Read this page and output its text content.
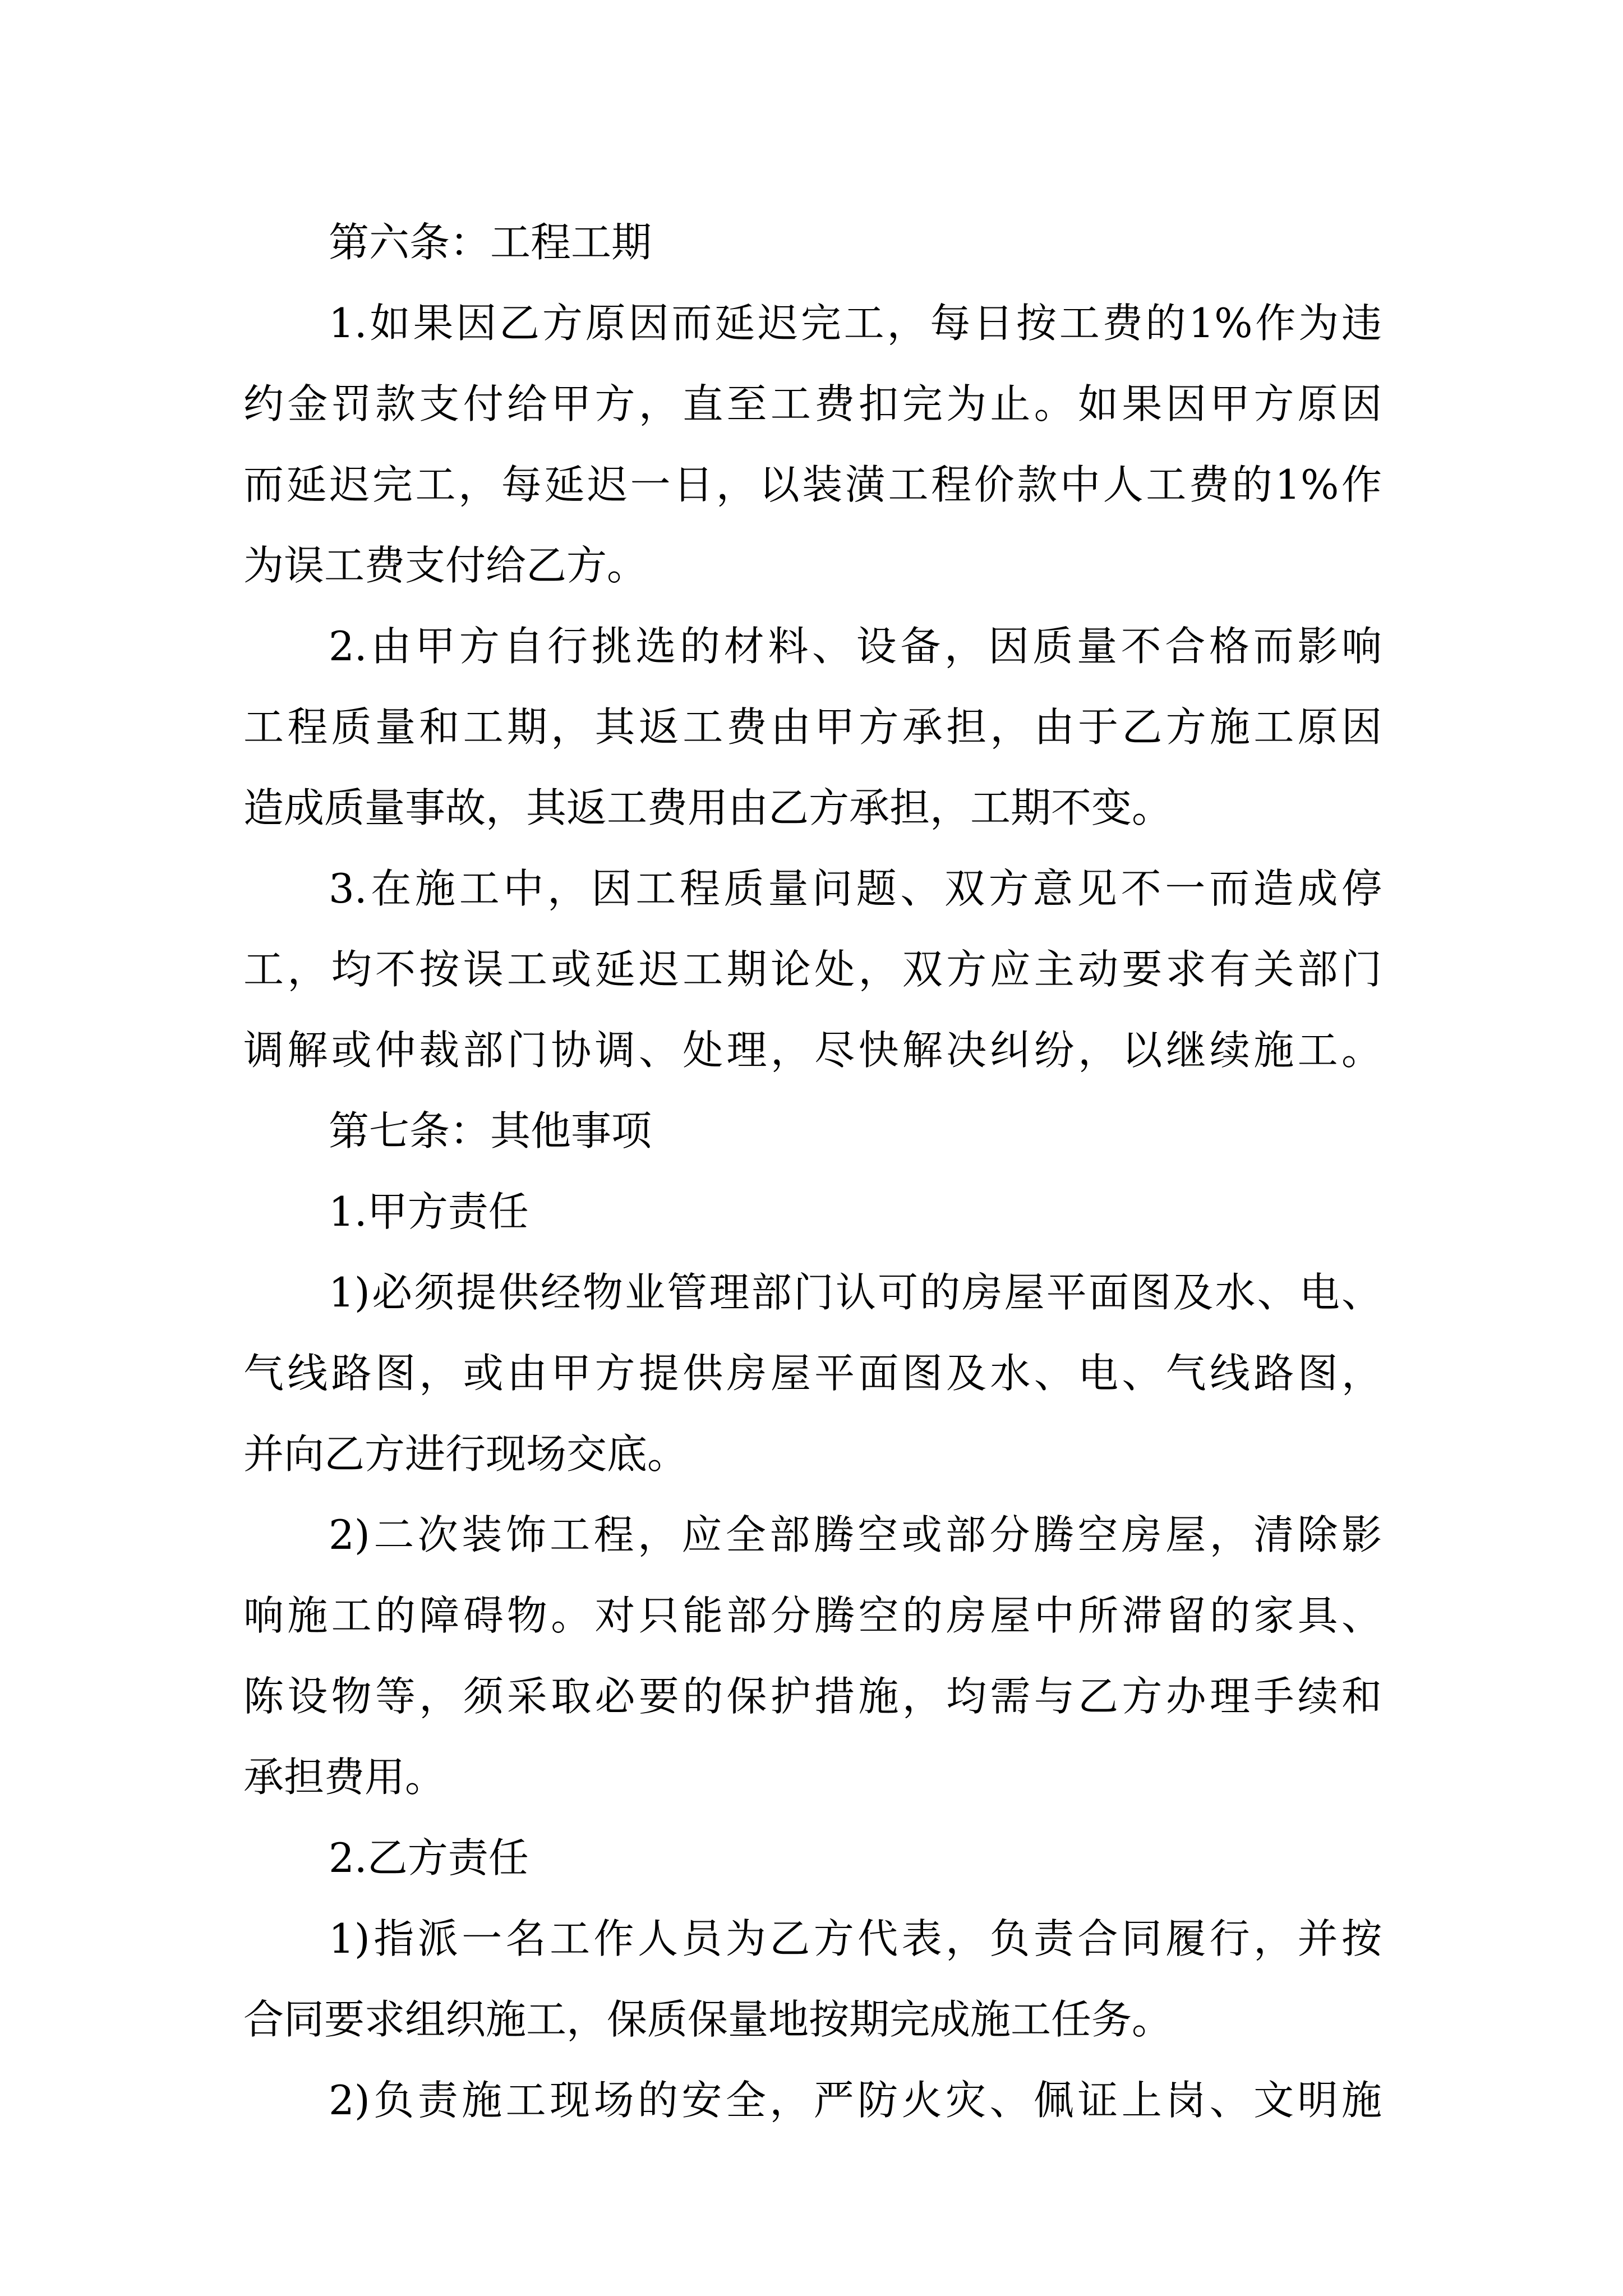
第六条：工程工期
1.如果因乙方原因而延迟完工，每日按工费的1%作为违
约金罚款支付给甲方，直至工费扣完为止。如果因甲方原因
而延迟完工，每延迟一日，以装潢工程价款中人工费的1%作
为误工费支付给乙方。
2.由甲方自行挑选的材料、设备，因质量不合格而影响
工程质量和工期，其返工费由甲方承担，由于乙方施工原因
造成质量事故，其返工费用由乙方承担，工期不变。
3.在施工中，因工程质量问题、双方意见不一而造成停
工，均不按误工或延迟工期论处，双方应主动要求有关部门
调解或仲裁部门协调、处理，尽快解决纠纷，以继续施工。
第七条：其他事项
1.甲方责任
1)必须提供经物业管理部门认可的房屋平面图及水、电、
气线路图，或由甲方提供房屋平面图及水、电、气线路图，
并向乙方进行现场交底。
2)二次装饰工程，应全部腾空或部分腾空房屋，清除影
响施工的障碍物。对只能部分腾空的房屋中所滞留的家具、
陈设物等，须采取必要的保护措施，均需与乙方办理手续和
承担费用。
2.乙方责任
1)指派一名工作人员为乙方代表，负责合同履行，并按
合同要求组织施工，保质保量地按期完成施工任务。
2)负责施工现场的安全，严防火灾、佩证上岗、文明施
